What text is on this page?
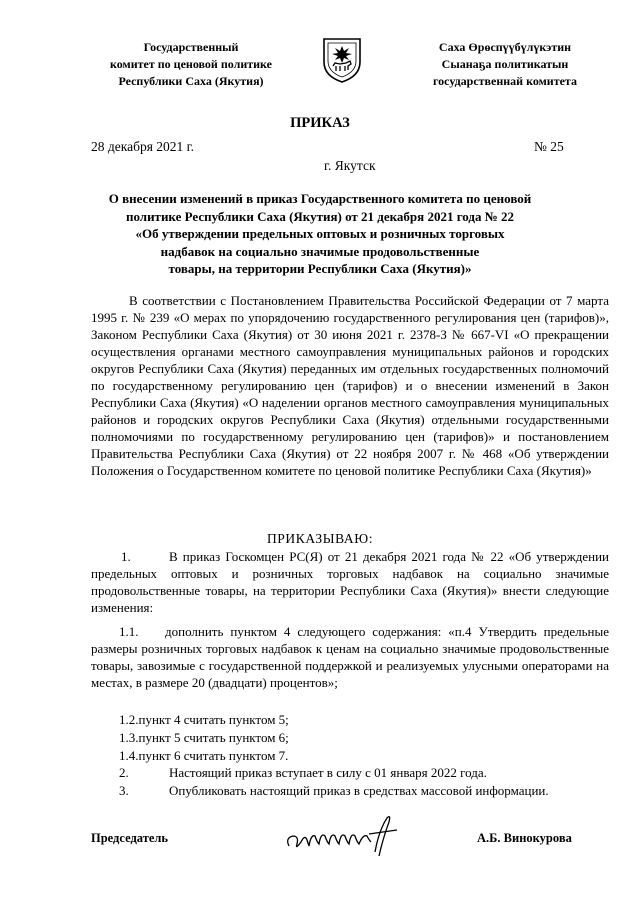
Государственный
комитет по ценовой политике
Республики Саха (Якутия)
Саха Өрөспүүбүлүкэтин
Сыанаҕа политикатын
государственнай комитета
ПРИКАЗ
28 декабря 2021 г.	№ 25
г. Якутск
О внесении изменений в приказ Государственного комитета по ценовой
политике Республики Саха (Якутия) от 21 декабря 2021 года № 22
«Об утверждении предельных оптовых и розничных торговых
надбавок на социально значимые продовольственные
товары, на территории Республики Саха (Якутия)»
В соответствии с Постановлением Правительства Российской Федерации от 7 марта 1995 г. № 239 «О мерах по упорядочению государственного регулирования цен (тарифов)», Законом Республики Саха (Якутия) от 30 июня 2021 г. 2378-З № 667-VI «О прекращении осуществления органами местного самоуправления муниципальных районов и городских округов Республики Саха (Якутия) переданных им отдельных государственных полномочий по государственному регулированию цен (тарифов) и о внесении изменений в Закон Республики Саха (Якутия) «О наделении органов местного самоуправления муниципальных районов и городских округов Республики Саха (Якутия) отдельными государственными полномочиями по государственному регулированию цен (тарифов)» и постановлением Правительства Республики Саха (Якутия) от 22 ноября 2007 г. № 468 «Об утверждении Положения о Государственном комитете по ценовой политике Республики Саха (Якутия)»
ПРИКАЗЫВАЮ:
1.	В приказ Госкомцен РС(Я) от 21 декабря 2021 года № 22 «Об утверждении предельных оптовых и розничных торговых надбавок на социально значимые продовольственные товары, на территории Республики Саха (Якутия)» внести следующие изменения:
1.1. дополнить пунктом 4 следующего содержания: «п.4 Утвердить предельные размеры розничных торговых надбавок к ценам на социально значимые продовольственные товары, завозимые с государственной поддержкой и реализуемых улусными операторами на местах, в размере 20 (двадцати) процентов»;
1.2.пункт 4 считать пунктом 5;
1.3.пункт 5 считать пунктом 6;
1.4.пункт 6 считать пунктом 7.
2.	Настоящий приказ вступает в силу с 01 января 2022 года.
3.	Опубликовать настоящий приказ в средствах массовой информации.
Председатель	А.Б. Винокурова
